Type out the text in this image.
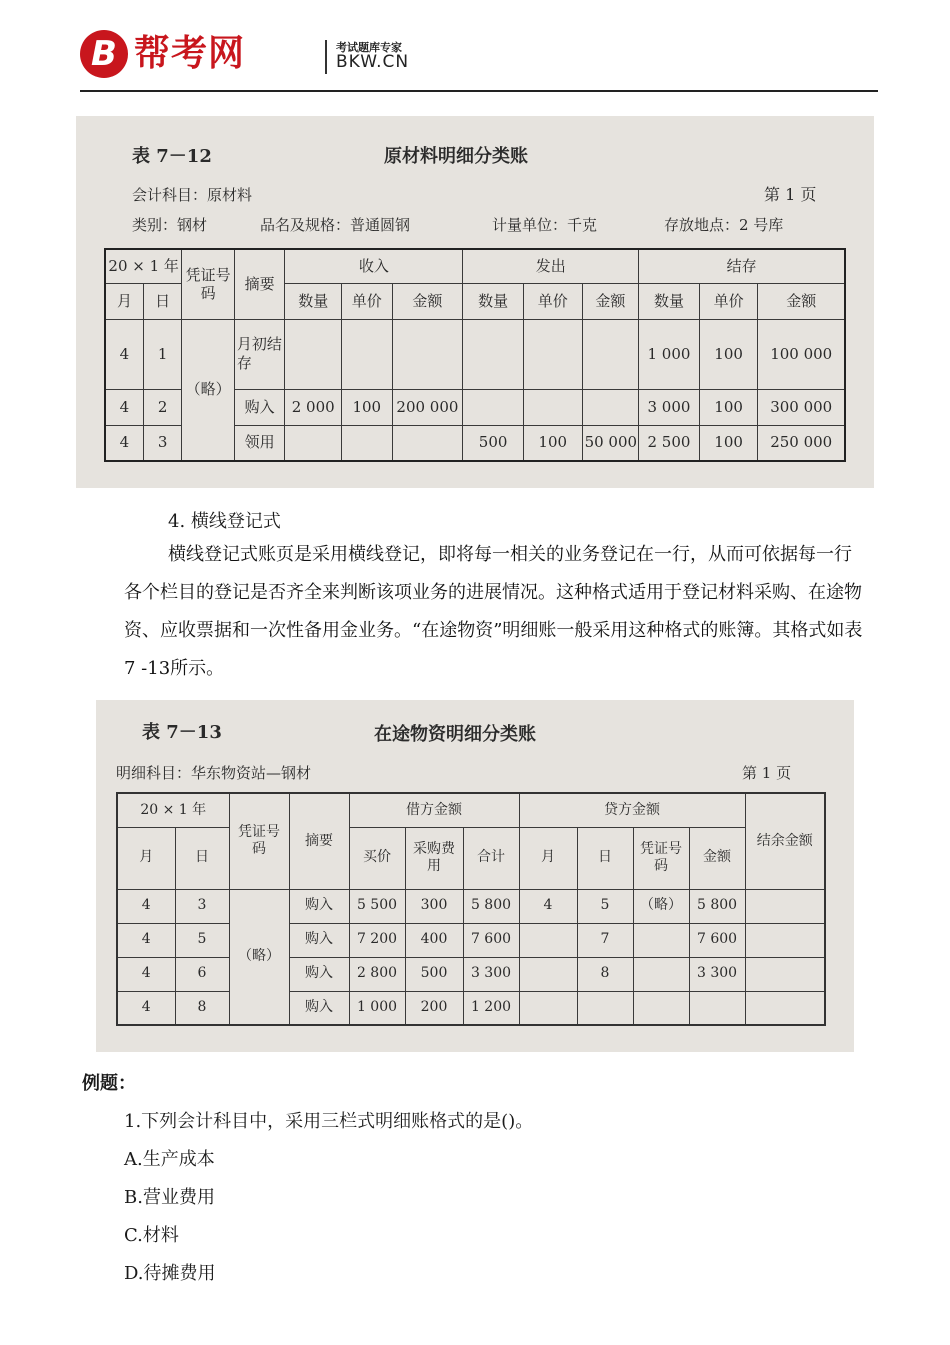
B 帮考网	考试题库专家
BKW.CN
表 7－12	原材料明细分类账
会计科目：原材料	第 1 页
类别：钢材	品名及规格：普通圆钢	计量单位：千克	存放地点：2 号库
20 × 1 年		凭证号码	摘要	收入			发出			结存		
月	日			数量	单价	金额	数量	单价	金额	数量	单价	金额
4	1	（略）	月初结存							1 000	100	100 000
4	2		购入	2 000	100	200 000				3 000	100	300 000
4	3		领用				500	100	50 000	2 500	100	250 000
4. 横线登记式
横线登记式账页是采用横线登记，即将每一相关的业务登记在一行，从而可依据每一行各个栏目的登记是否齐全来判断该项业务的进展情况。这种格式适用于登记材料采购、在途物资、应收票据和一次性备用金业务。“在途物资”明细账一般采用这种格式的账簿。其格式如表7 -13所示。
表 7－13	在途物资明细分类账
明细科目：华东物资站—钢材	第 1 页
20 × 1 年		凭证号码	摘要	借方金额			贷方金额				结余金额
月	日			买价	采购费用	合计	月	日	凭证号码	金额	
4	3	（略）	购入	5 500	300	5 800	4	5	（略）	5 800	
4	5		购入	7 200	400	7 600		7		7 600	
4	6		购入	2 800	500	3 300		8		3 300	
4	8		购入	1 000	200	1 200					
例题：
1.下列会计科目中，采用三栏式明细账格式的是()。
A.生产成本
B.营业费用
C.材料
D.待摊费用
